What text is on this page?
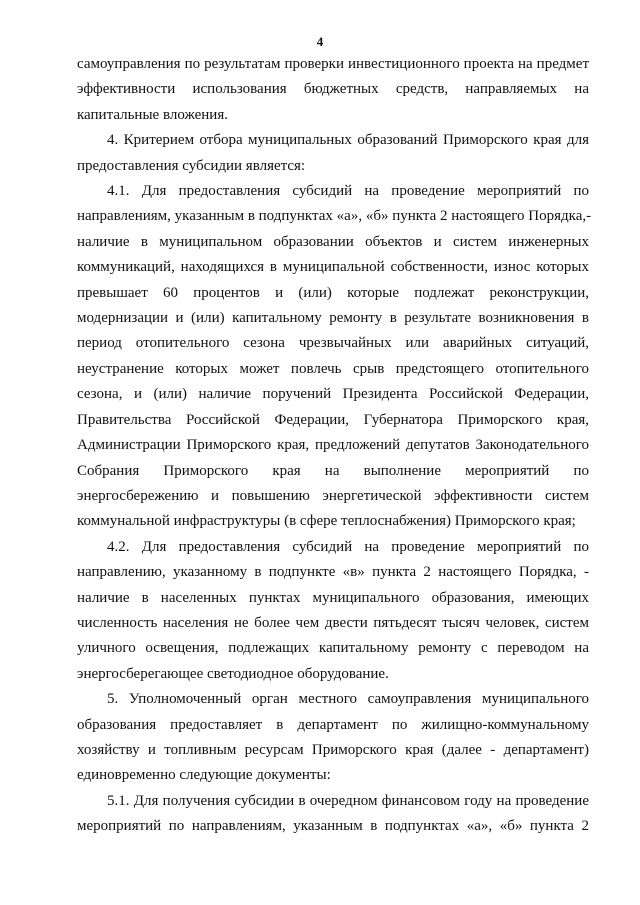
4
самоуправления по результатам проверки инвестиционного проекта на предмет
эффективности использования бюджетных средств, направляемых на
капитальные вложения.
4. Критерием отбора муниципальных образований Приморского края для
предоставления субсидии является:
4.1. Для предоставления субсидий на проведение мероприятий по
направлениям, указанным в подпунктах «а», «б» пункта 2 настоящего Порядка,-
наличие в муниципальном образовании объектов и систем инженерных
коммуникаций, находящихся в муниципальной собственности, износ которых
превышает 60 процентов и (или) которые подлежат реконструкции,
модернизации и (или) капитальному ремонту в результате возникновения в
период отопительного сезона чрезвычайных или аварийных ситуаций,
неустранение которых может повлечь срыв предстоящего отопительного
сезона, и (или) наличие поручений Президента Российской Федерации,
Правительства Российской Федерации, Губернатора Приморского края,
Администрации Приморского края, предложений депутатов Законодательного
Собрания Приморского края на выполнение мероприятий по
энергосбережению и повышению энергетической эффективности систем
коммунальной инфраструктуры (в сфере теплоснабжения) Приморского края;
4.2. Для предоставления субсидий на проведение мероприятий по
направлению, указанному в подпункте «в» пункта 2 настоящего Порядка, -
наличие в населенных пунктах муниципального образования, имеющих
численность населения не более чем двести пятьдесят тысяч человек, систем
уличного освещения, подлежащих капитальному ремонту с переводом на
энергосберегающее светодиодное оборудование.
5. Уполномоченный орган местного самоуправления муниципального
образования предоставляет в департамент по жилищно-коммунальному
хозяйству и топливным ресурсам Приморского края (далее - департамент)
единовременно следующие документы:
5.1. Для получения субсидии в очередном финансовом году на проведение
мероприятий по направлениям, указанным в подпунктах «а», «б» пункта 2
